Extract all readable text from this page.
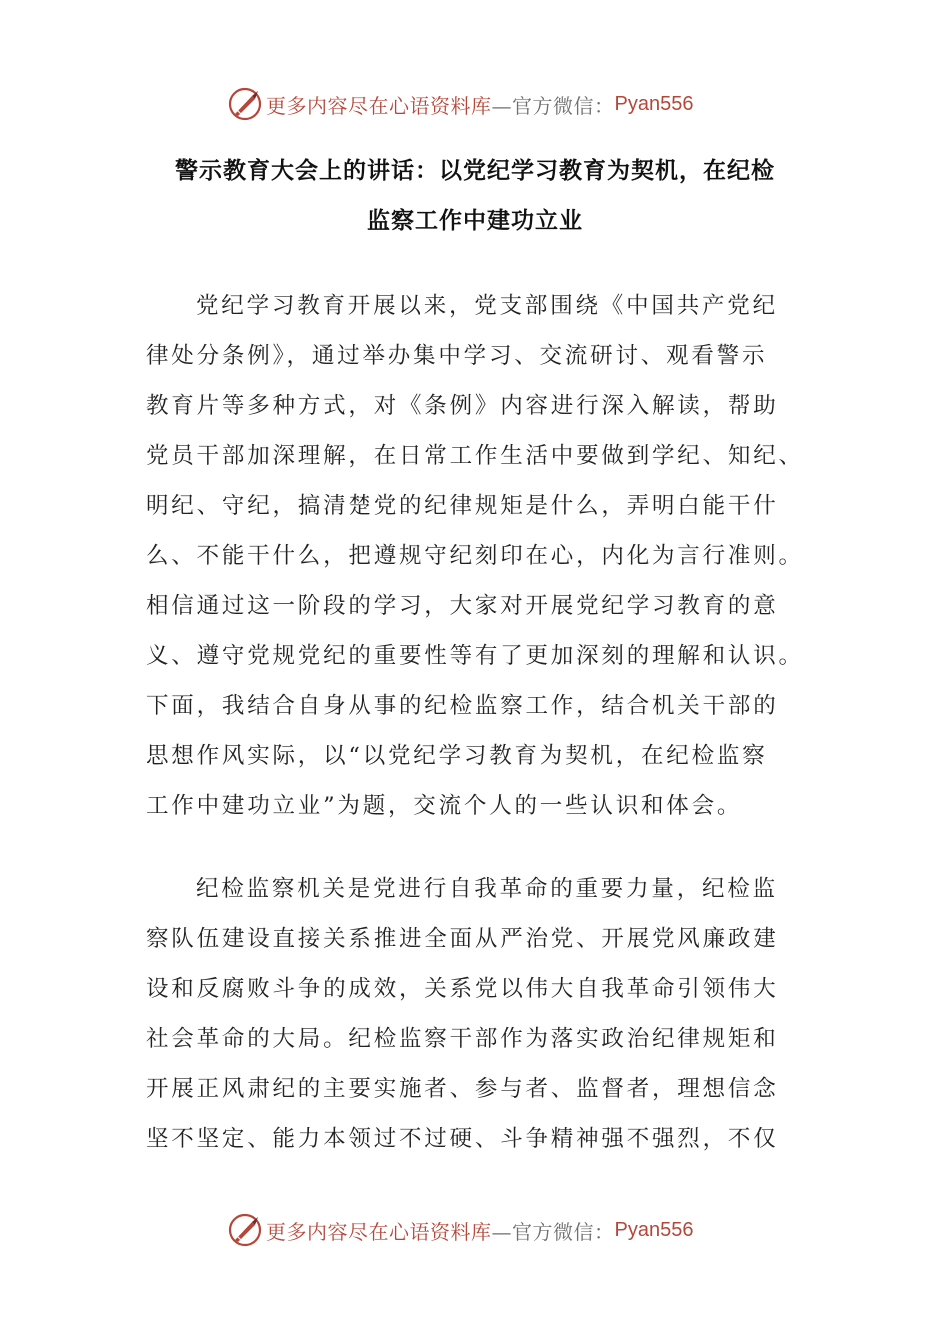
更多内容尽在心语资料库 —官方微信： Pyan556
警示教育大会上的讲话：以党纪学习教育为契机，在纪检
监察工作中建功立业
党纪学习教育开展以来，党支部围绕《中国共产党纪
律处分条例》，通过举办集中学习、交流研讨、观看警示
教育片等多种方式，对《条例》内容进行深入解读，帮助
党员干部加深理解，在日常工作生活中要做到学纪、知纪、
明纪、守纪，搞清楚党的纪律规矩是什么，弄明白能干什
么、不能干什么，把遵规守纪刻印在心，内化为言行准则。
相信通过这一阶段的学习，大家对开展党纪学习教育的意
义、遵守党规党纪的重要性等有了更加深刻的理解和认识。
下面，我结合自身从事的纪检监察工作，结合机关干部的
思想作风实际，以“以党纪学习教育为契机，在纪检监察
工作中建功立业”为题，交流个人的一些认识和体会。
纪检监察机关是党进行自我革命的重要力量，纪检监
察队伍建设直接关系推进全面从严治党、开展党风廉政建
设和反腐败斗争的成效，关系党以伟大自我革命引领伟大
社会革命的大局。纪检监察干部作为落实政治纪律规矩和
开展正风肃纪的主要实施者、参与者、监督者，理想信念
坚不坚定、能力本领过不过硬、斗争精神强不强烈，不仅
更多内容尽在心语资料库 —官方微信： Pyan556
